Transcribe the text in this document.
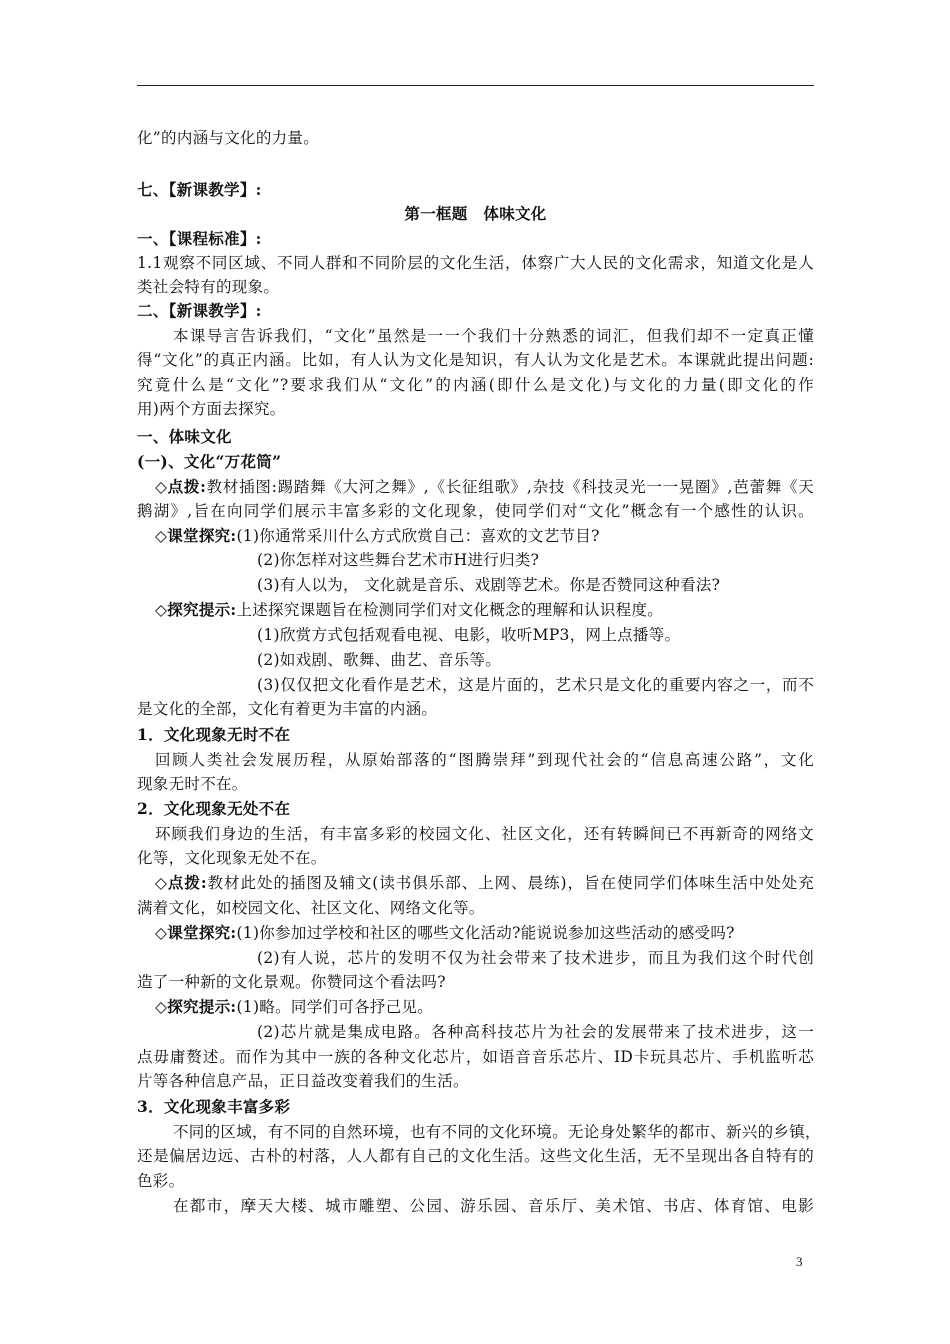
化”的内涵与文化的力量。
七、【新课教学】:
第一框题　体味文化
一、【课程标准】:
1.1观察不同区域、不同人群和不同阶层的文化生活，体察广大人民的文化需求，知道文化是人
类社会特有的现象。
二、【新课教学】:
本课导言告诉我们，“文化”虽然是一一个我们十分熟悉的词汇，但我们却不一定真正懂
得“文化”的真正内涵。比如，有人认为文化是知识，有人认为文化是艺术。本课就此提出问题:
究竟什么是“文化”?要求我们从“文化”的内涵(即什么是文化)与文化的力量(即文化的作
用)两个方面去探究。
一、体味文化
(一)、文化“万花筒”
◇点拨:教材插图:踢踏舞《大河之舞》,《长征组歌》,杂技《科技灵光一一晃圈》,芭蕾舞《天
鹅湖》,旨在向同学们展示丰富多彩的文化现象，使同学们对“文化”概念有一个感性的认识。
◇课堂探究:(1)你通常采川什么方式欣赏自己：喜欢的文艺节目?
(2)你怎样对这些舞台艺术市H进行归类?
(3)有人以为， 文化就是音乐、戏剧等艺术。你是否赞同这种看法?
◇探究提示:上述探究课题旨在检测同学们对文化概念的理解和认识程度。
(1)欣赏方式包括观看电视、电影，收听MP3，网上点播等。
(2)如戏剧、歌舞、曲艺、音乐等。
(3)仅仅把文化看作是艺术，这是片面的，艺术只是文化的重要内容之一，而不
是文化的全部，文化有着更为丰富的内涵。
1．文化现象无时不在
回顾人类社会发展历程，从原始部落的“图腾崇拜”到现代社会的“信息高速公路”，文化
现象无时不在。
2．文化现象无处不在
环顾我们身边的生活，有丰富多彩的校园文化、社区文化，还有转瞬间已不再新奇的网络文
化等，文化现象无处不在。
◇点拨:教材此处的插图及辅文(读书俱乐部、上网、晨练)，旨在使同学们体味生活中处处充
满着文化，如校园文化、社区文化、网络文化等。
◇课堂探究:(1)你参加过学校和社区的哪些文化活动?能说说参加这些活动的感受吗?
(2)有人说，芯片的发明不仅为社会带来了技术进步，而且为我们这个时代创
造了一种新的文化景观。你赞同这个看法吗?
◇探究提示:(1)略。同学们可各抒己见。
(2)芯片就是集成电路。各种高科技芯片为社会的发展带来了技术进步，这一
点毋庸赘述。而作为其中一族的各种文化芯片，如语音音乐芯片、ID卡玩具芯片、手机监听芯
片等各种信息产品，正日益改变着我们的生活。
3．文化现象丰富多彩
不同的区域，有不同的自然环境，也有不同的文化环境。无论身处繁华的都市、新兴的乡镇，
还是偏居边远、古朴的村落，人人都有自己的文化生活。这些文化生活，无不呈现出各自特有的
色彩。
在都市，摩天大楼、城市雕塑、公园、游乐园、音乐厅、美术馆、书店、体育馆、电影
3
